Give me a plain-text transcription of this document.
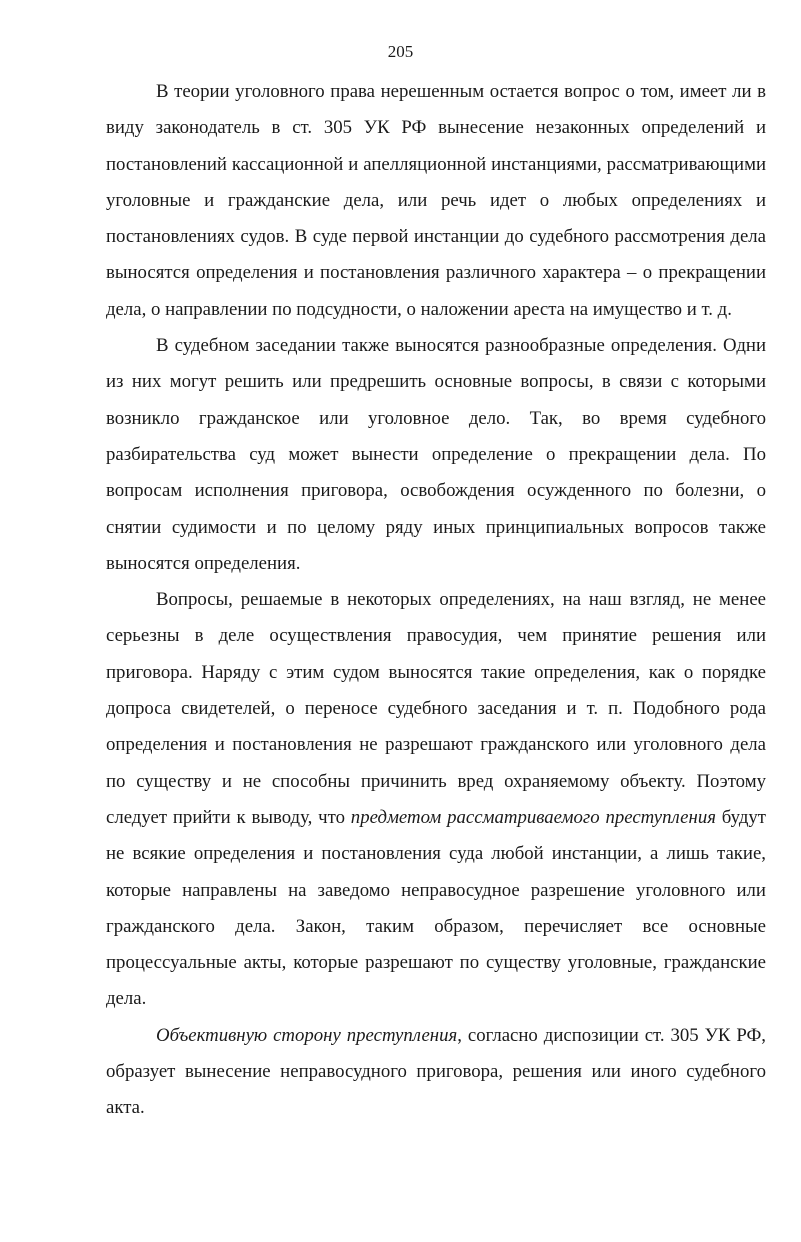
205

В теории уголовного права нерешенным остается вопрос о том, имеет ли в виду законодатель в ст. 305 УК РФ вынесение незаконных определений и постановлений кассационной и апелляционной инстанциями, рассматривающими уголовные и гражданские дела, или речь идет о любых определениях и постановлениях судов. В суде первой инстанции до судебного рассмотрения дела выносятся определения и постановления различного характера – о прекращении дела, о направлении по подсудности, о наложении ареста на имущество и т. д.

В судебном заседании также выносятся разнообразные определения. Одни из них могут решить или предрешить основные вопросы, в связи с которыми возникло гражданское или уголовное дело. Так, во время судебного разбирательства суд может вынести определение о прекращении дела. По вопросам исполнения приговора, освобождения осужденного по болезни, о снятии судимости и по целому ряду иных принципиальных вопросов также выносятся определения.

Вопросы, решаемые в некоторых определениях, на наш взгляд, не менее серьезны в деле осуществления правосудия, чем принятие решения или приговора. Наряду с этим судом выносятся такие определения, как о порядке допроса свидетелей, о переносе судебного заседания и т. п. Подобного рода определения и постановления не разрешают гражданского или уголовного дела по существу и не способны причинить вред охраняемому объекту. Поэтому следует прийти к выводу, что предметом рассматриваемого преступления будут не всякие определения и постановления суда любой инстанции, а лишь такие, которые направлены на заведомо неправосудное разрешение уголовного или гражданского дела. Закон, таким образом, перечисляет все основные процессуальные акты, которые разрешают по существу уголовные, гражданские дела.

Объективную сторону преступления, согласно диспозиции ст. 305 УК РФ, образует вынесение неправосудного приговора, решения или иного судебного акта.
